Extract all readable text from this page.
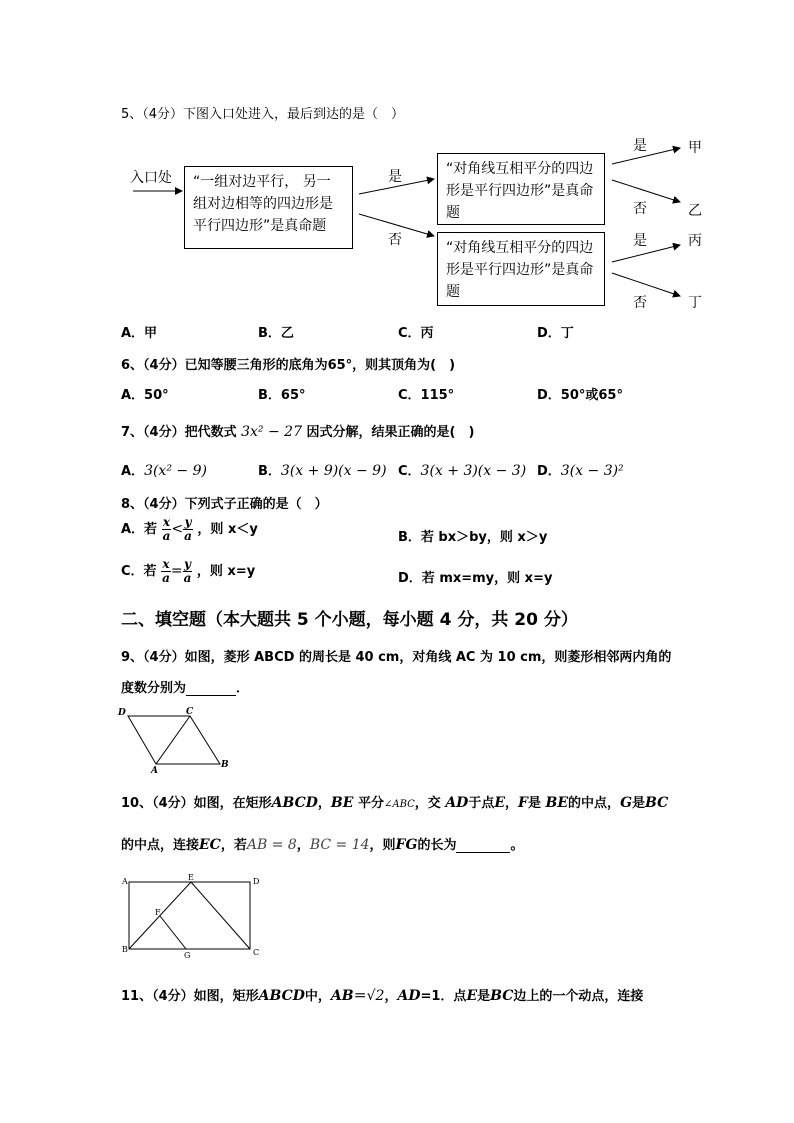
5、（4分）下图入口处进入，最后到达的是（　）
入口处	“一组对边平行， 另一组对边相等的四边形是平行四边形”是真命题
“对角线互相平分的四边形是平行四边形”是真命题
“对角线互相平分的四边形是平行四边形”是真命题
是
否
是
否
是
否
甲
乙
丙
丁
A．甲	B．乙	C．丙	D．丁
6、（4分）已知等腰三角形的底角为65°，则其顶角为(　)
A．50°	B．65°	C．115°	D．50°或65°
7、（4分）把代数式 3x² − 27 因式分解，结果正确的是(　)
A．3(x² − 9)	B．3(x + 9)(x − 9) C．3(x + 3)(x − 3) D．3(x − 3)²
8、（4分）下列式子正确的是（　）
A．若 $\frac{x}{a} < \frac{y}{a}$ ，则 x＜y
B．若 bx＞by，则 x＞y
C．若 $\frac{x}{a} = \frac{y}{a}$ ，则 x=y	D．若 mx=my，则 x=y
二、填空题（本大题共 5 个小题，每小题 4 分，共 20 分）
9、（4分）如图，菱形 ABCD 的周长是 40 cm，对角线 AC 为 10 cm，则菱形相邻两内角的
度数分别为	．
D	C
A
B
10、（4分）如图，在矩形ABCD，BE 平分∠ABC，交 AD于点E，F是 BE的中点，G是BC
的中点，连接EC，若AB = 8，BC = 14，则FG的长为	。
A	E	D
F
B
G	C
11、（4分）如图，矩形ABCD中，AB＝√2，AD=1．点E是BC边上的一个动点，连接
